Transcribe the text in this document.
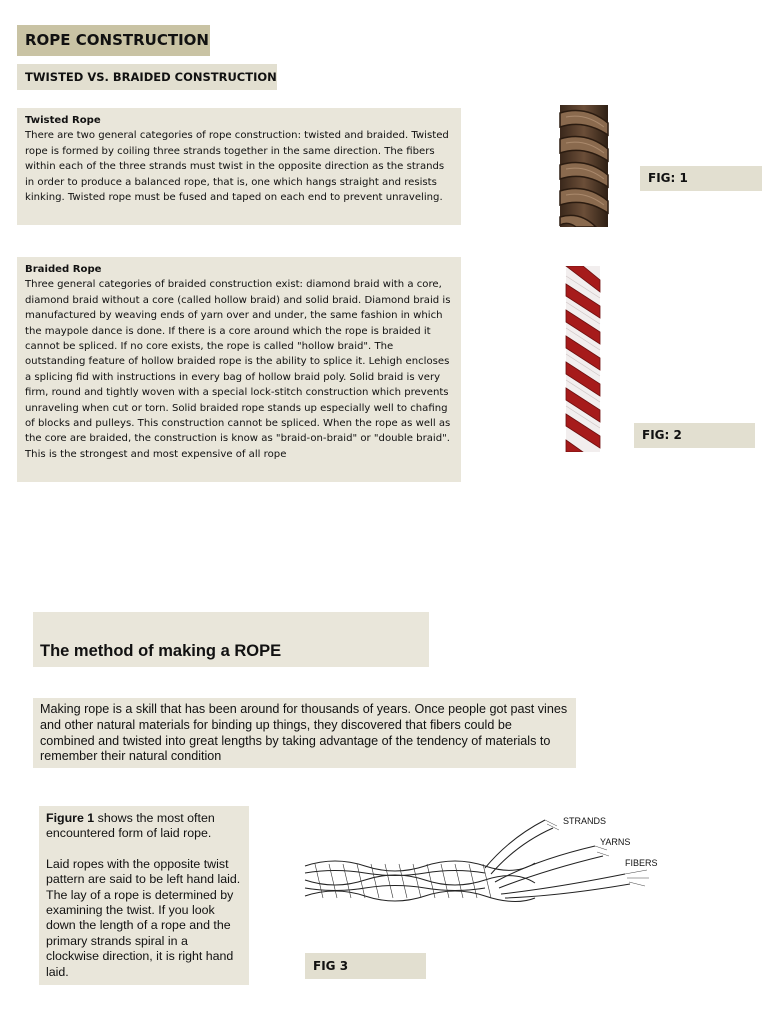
ROPE CONSTRUCTION
TWISTED VS. BRAIDED CONSTRUCTION
Twisted Rope
There are two general categories of rope construction: twisted and braided. Twisted rope is formed by coiling three strands together in the same direction. The fibers within each of the three strands must twist in the opposite direction as the strands in order to produce a balanced rope, that is, one which hangs straight and resists kinking. Twisted rope must be fused and taped on each end to prevent unraveling.
FIG: 1
Braided Rope
Three general categories of braided construction exist: diamond braid with a core, diamond braid without a core (called hollow braid) and solid braid. Diamond braid is manufactured by weaving ends of yarn over and under, the same fashion in which the maypole dance is done. If there is a core around which the rope is braided it cannot be spliced. If no core exists, the rope is called "hollow braid". The outstanding feature of hollow braided rope is the ability to splice it. Lehigh encloses a splicing fid with instructions in every bag of hollow braid poly. Solid braid is very firm, round and tightly woven with a special lock-stitch construction which prevents unraveling when cut or torn. Solid braided rope stands up especially well to chafing of blocks and pulleys. This construction cannot be spliced. When the rope as well as the core are braided, the construction is know as "braid-on-braid" or "double braid". This is the strongest and most expensive of all rope
FIG: 2
The method of making a ROPE
Making rope is a skill that has been around for thousands of years. Once people got past vines and other natural materials for binding up things, they discovered that fibers could be combined and twisted into great lengths by taking advantage of the tendency of materials to remember their natural condition

Figure 1 shows the most often encountered form of laid rope.

Laid ropes with the opposite twist pattern are said to be left hand laid. The lay of a rope is determined by examining the twist. If you look down the length of a rope and the primary strands spiral in a clockwise direction, it is right hand laid.

STRANDS
YARNS
FIBERS
FIG 3
